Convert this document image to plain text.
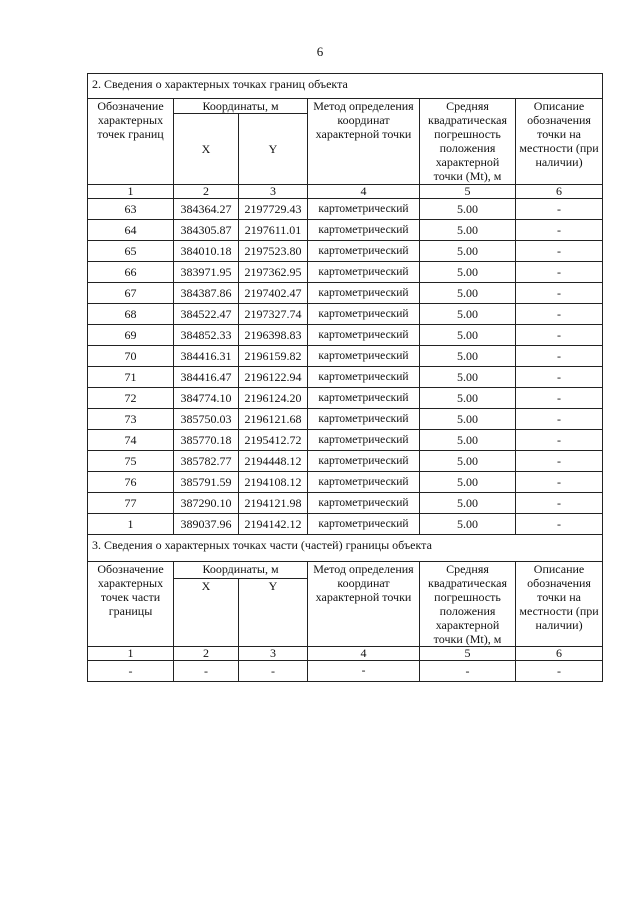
6
2. Сведения о характерных точках границ объекта					
Обозначение характерных точек границ	Координаты, м		Метод определения координат характерной точки	Средняя квадратическая погрешность положения характерной точки (Mt), м	Описание обозначения точки на местности (при наличии)
	X	Y			
1	2	3	4	5	6
63	384364.27	2197729.43	картометрический	5.00	-
64	384305.87	2197611.01	картометрический	5.00	-
65	384010.18	2197523.80	картометрический	5.00	-
66	383971.95	2197362.95	картометрический	5.00	-
67	384387.86	2197402.47	картометрический	5.00	-
68	384522.47	2197327.74	картометрический	5.00	-
69	384852.33	2196398.83	картометрический	5.00	-
70	384416.31	2196159.82	картометрический	5.00	-
71	384416.47	2196122.94	картометрический	5.00	-
72	384774.10	2196124.20	картометрический	5.00	-
73	385750.03	2196121.68	картометрический	5.00	-
74	385770.18	2195412.72	картометрический	5.00	-
75	385782.77	2194448.12	картометрический	5.00	-
76	385791.59	2194108.12	картометрический	5.00	-
77	387290.10	2194121.98	картометрический	5.00	-
1	389037.96	2194142.12	картометрический	5.00	-
3. Сведения о характерных точках части (частей) границы объекта					
Обозначение характерных точек части границы	Координаты, м		Метод определения координат характерной точки	Средняя квадратическая погрешность положения характерной точки (Mt), м	Описание обозначения точки на местности (при наличии)
	X	Y			
1	2	3	4	5	6
-	-	-	-	-	-
